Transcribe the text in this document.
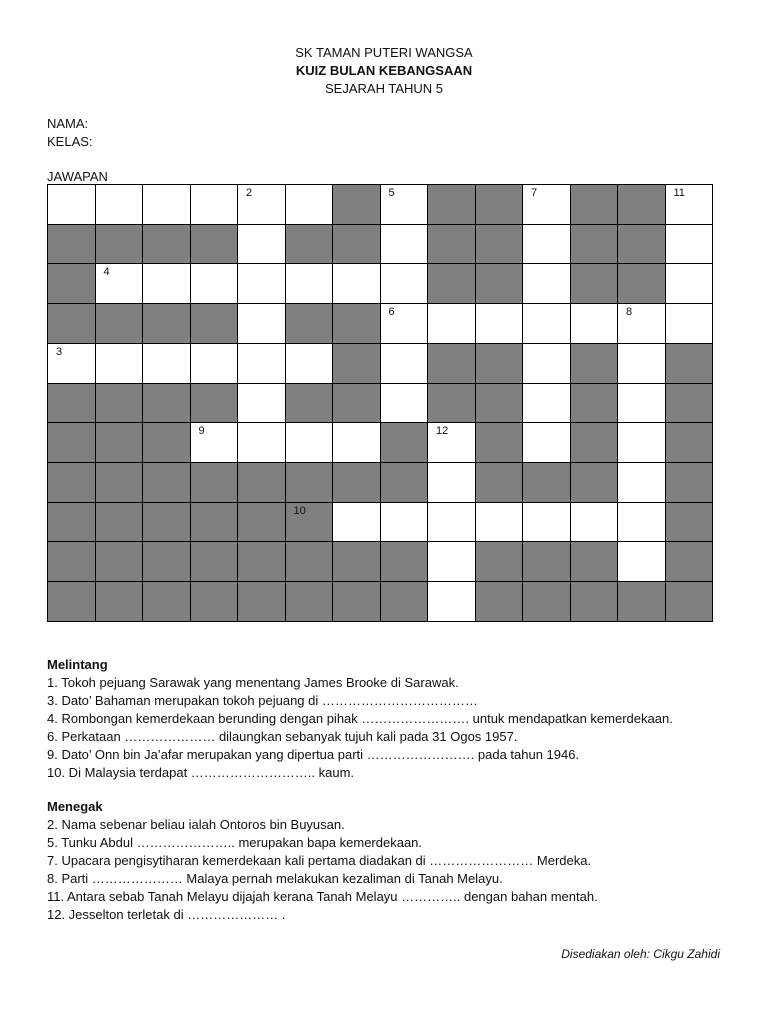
SK TAMAN PUTERI WANGSA
KUIZ BULAN KEBANGSAAN
SEJARAH TAHUN 5
NAMA:
KELAS:
JAWAPAN
2	5	7	11
4
6	8
3
9	12
10
Melintang
1. Tokoh pejuang Sarawak yang menentang James Brooke di Sarawak.
3. Dato’ Bahaman merupakan tokoh pejuang di ………………………………
4. Rombongan kemerdekaan berunding dengan pihak ……………………. untuk mendapatkan kemerdekaan.
6. Perkataan ………………… dilaungkan sebanyak tujuh kali pada 31 Ogos 1957.
9. Dato’ Onn bin Ja’afar merupakan yang dipertua parti ……………………. pada tahun 1946.
10. Di Malaysia terdapat ……………………….. kaum.
Menegak
2. Nama sebenar beliau ialah Ontoros bin Buyusan.
5. Tunku Abdul ………………….. merupakan bapa kemerdekaan.
7. Upacara pengisytiharan kemerdekaan kali pertama diadakan di …………………… Merdeka.
8. Parti ………………… Malaya pernah melakukan kezaliman di Tanah Melayu.
11. Antara sebab Tanah Melayu dijajah kerana Tanah Melayu ………….. dengan bahan mentah.
12. Jesselton terletak di ………………… .
Disediakan oleh: Cikgu Zahidi
